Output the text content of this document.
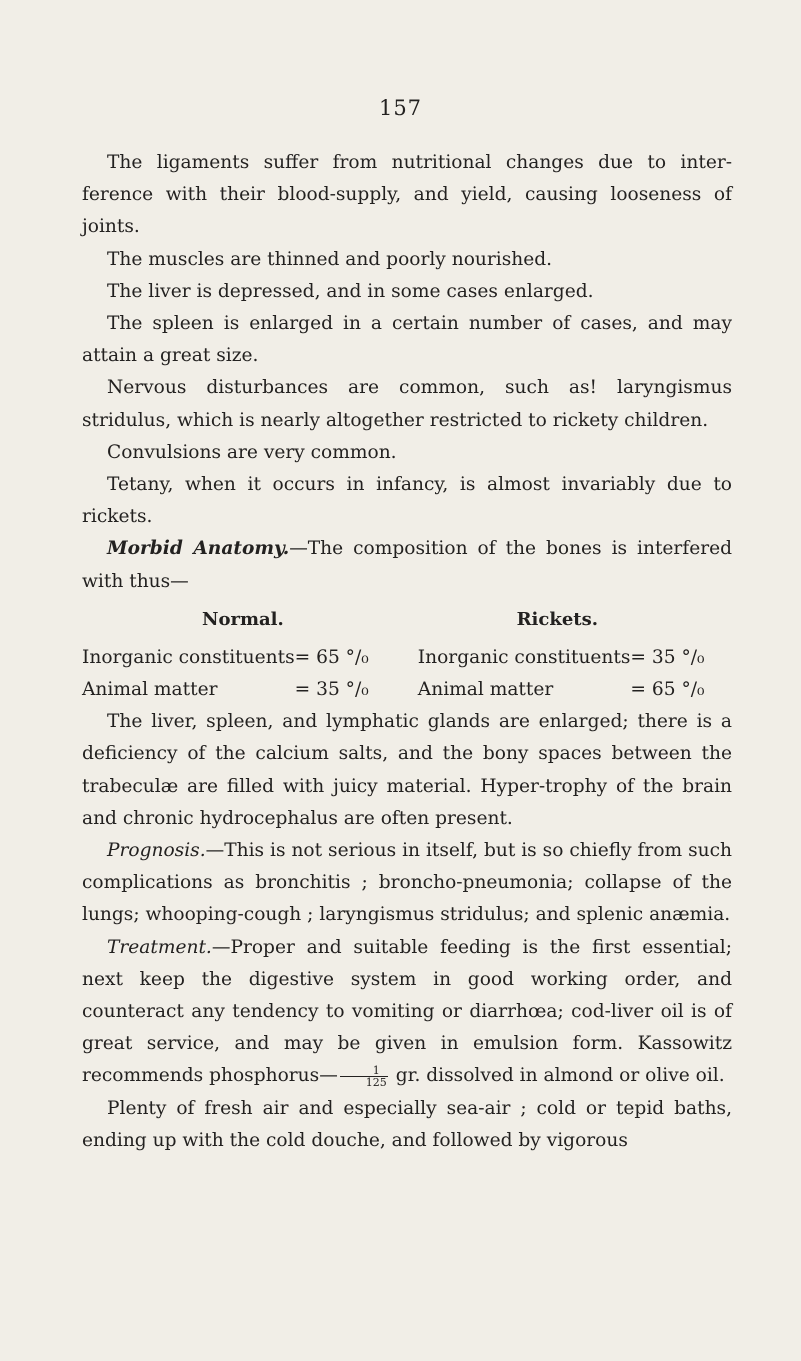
157

The ligaments suffer from nutritional changes due to inter-ference with their blood-supply, and yield, causing looseness of joints.

The muscles are thinned and poorly nourished.

The liver is depressed, and in some cases enlarged.

The spleen is enlarged in a certain number of cases, and may attain a great size.

Nervous disturbances are common, such as! laryngismus stridulus, which is nearly altogether restricted to rickety children.

Convulsions are very common.

Tetany, when it occurs in infancy, is almost invariably due to rickets.

Morbid Anatomy.—The composition of the bones is interfered with thus—

Normal.	Rickets.
Inorganic constituents	= 65 °/₀	Inorganic constituents	= 35 °/₀
Animal matter	= 35 °/₀	Animal matter	= 65 °/₀

The liver, spleen, and lymphatic glands are enlarged; there is a deficiency of the calcium salts, and the bony spaces between the trabeculæ are filled with juicy material. Hyper-trophy of the brain and chronic hydrocephalus are often present.

Prognosis.—This is not serious in itself, but is so chiefly from such complications as bronchitis ; broncho-pneumonia; collapse of the lungs; whooping-cough ; laryngismus stridulus; and splenic anæmia.

Treatment.—Proper and suitable feeding is the first essential; next keep the digestive system in good working order, and counteract any tendency to vomiting or diarrhœa; cod-liver oil is of great service, and may be given in emulsion form. Kassowitz recommends phosphorus— $\frac{1}{125}$ gr. dissolved in almond or olive oil.

Plenty of fresh air and especially sea-air ; cold or tepid baths, ending up with the cold douche, and followed by vigorous
